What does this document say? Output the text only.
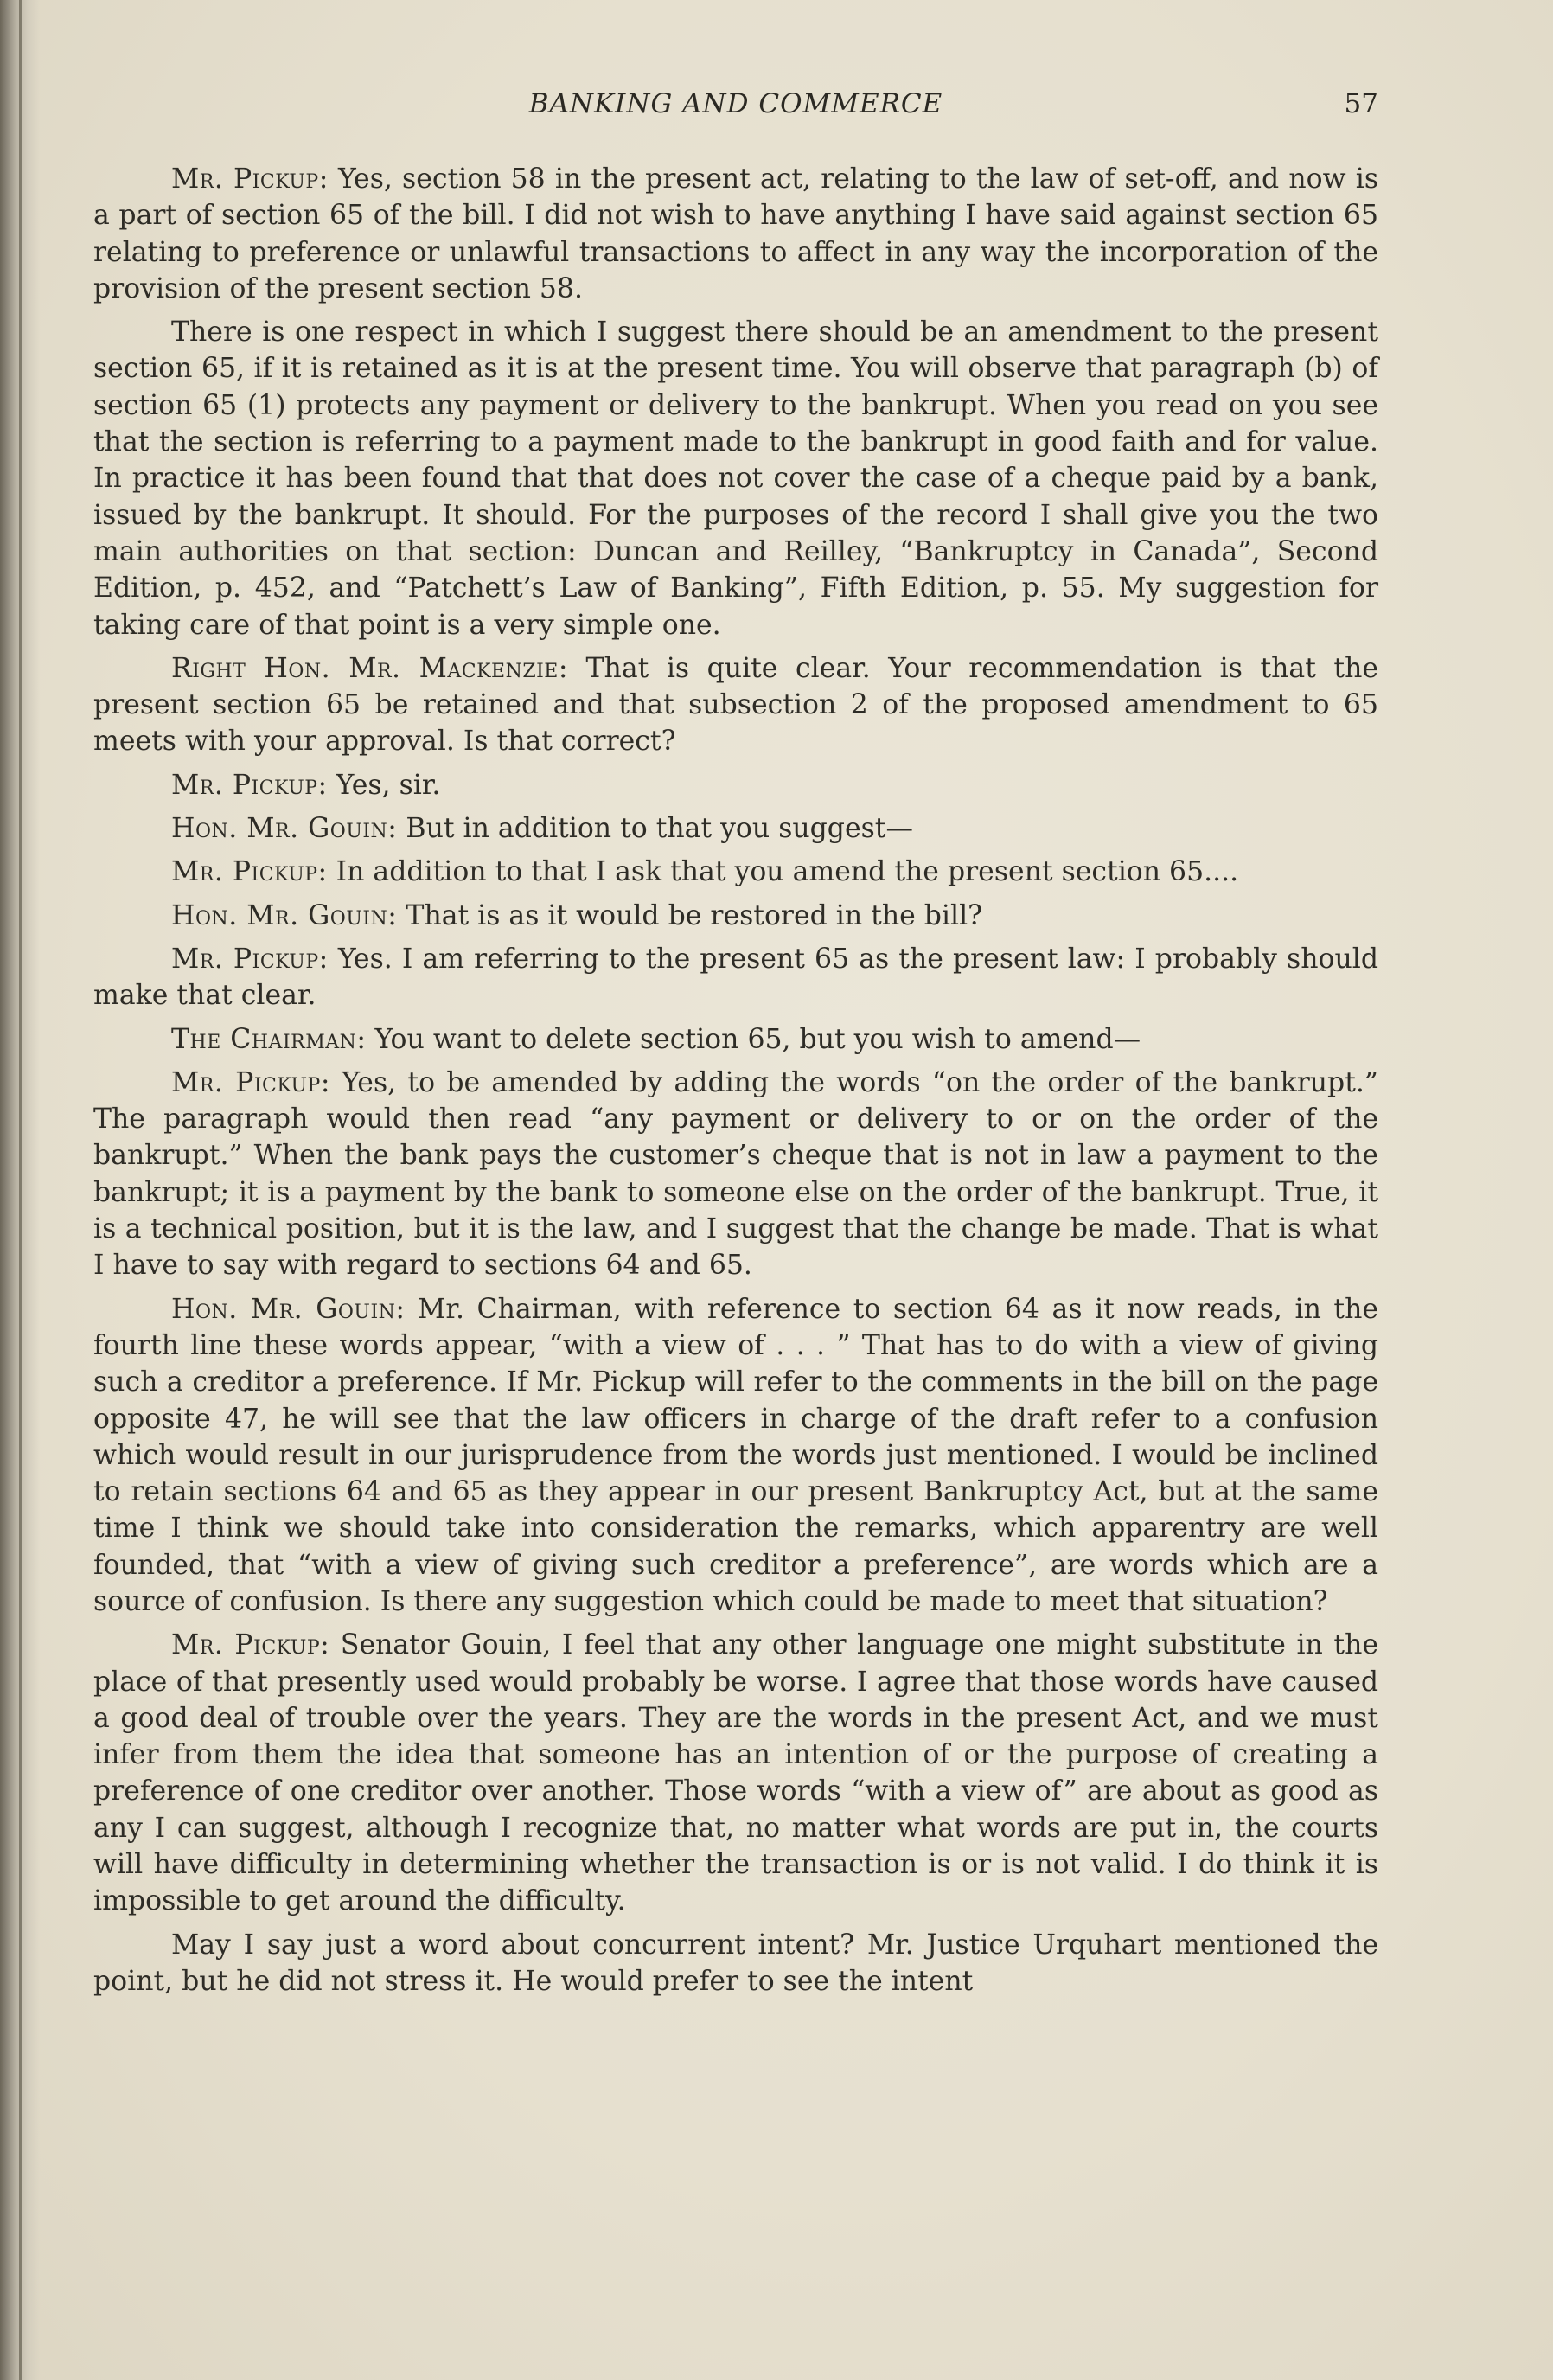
BANKING AND COMMERCE	57

Mr. Pickup: Yes, section 58 in the present act, relating to the law of set-off, and now is a part of section 65 of the bill. I did not wish to have anything I have said against section 65 relating to preference or unlawful transactions to affect in any way the incorporation of the provision of the present section 58.

There is one respect in which I suggest there should be an amendment to the present section 65, if it is retained as it is at the present time. You will observe that paragraph (b) of section 65 (1) protects any payment or delivery to the bankrupt. When you read on you see that the section is referring to a payment made to the bankrupt in good faith and for value. In practice it has been found that that does not cover the case of a cheque paid by a bank, issued by the bankrupt. It should. For the purposes of the record I shall give you the two main authorities on that section: Duncan and Reilley, “Bankruptcy in Canada”, Second Edition, p. 452, and “Patchett’s Law of Banking”, Fifth Edition, p. 55. My suggestion for taking care of that point is a very simple one.

Right Hon. Mr. Mackenzie: That is quite clear. Your recommendation is that the present section 65 be retained and that subsection 2 of the proposed amendment to 65 meets with your approval. Is that correct?

Mr. Pickup: Yes, sir.

Hon. Mr. Gouin: But in addition to that you suggest—

Mr. Pickup: In addition to that I ask that you amend the present section 65....

Hon. Mr. Gouin: That is as it would be restored in the bill?

Mr. Pickup: Yes. I am referring to the present 65 as the present law: I probably should make that clear.

The Chairman: You want to delete section 65, but you wish to amend—

Mr. Pickup: Yes, to be amended by adding the words “on the order of the bankrupt.” The paragraph would then read “any payment or delivery to or on the order of the bankrupt.” When the bank pays the customer’s cheque that is not in law a payment to the bankrupt; it is a payment by the bank to someone else on the order of the bankrupt. True, it is a technical position, but it is the law, and I suggest that the change be made. That is what I have to say with regard to sections 64 and 65.

Hon. Mr. Gouin: Mr. Chairman, with reference to section 64 as it now reads, in the fourth line these words appear, “with a view of . . . ” That has to do with a view of giving such a creditor a preference. If Mr. Pickup will refer to the comments in the bill on the page opposite 47, he will see that the law officers in charge of the draft refer to a confusion which would result in our jurisprudence from the words just mentioned. I would be inclined to retain sections 64 and 65 as they appear in our present Bankruptcy Act, but at the same time I think we should take into consideration the remarks, which apparentry are well founded, that “with a view of giving such creditor a preference”, are words which are a source of confusion. Is there any suggestion which could be made to meet that situation?

Mr. Pickup: Senator Gouin, I feel that any other language one might substitute in the place of that presently used would probably be worse. I agree that those words have caused a good deal of trouble over the years. They are the words in the present Act, and we must infer from them the idea that someone has an intention of or the purpose of creating a preference of one creditor over another. Those words “with a view of” are about as good as any I can suggest, although I recognize that, no matter what words are put in, the courts will have difficulty in determining whether the transaction is or is not valid. I do think it is impossible to get around the difficulty.

May I say just a word about concurrent intent? Mr. Justice Urquhart mentioned the point, but he did not stress it. He would prefer to see the intent
